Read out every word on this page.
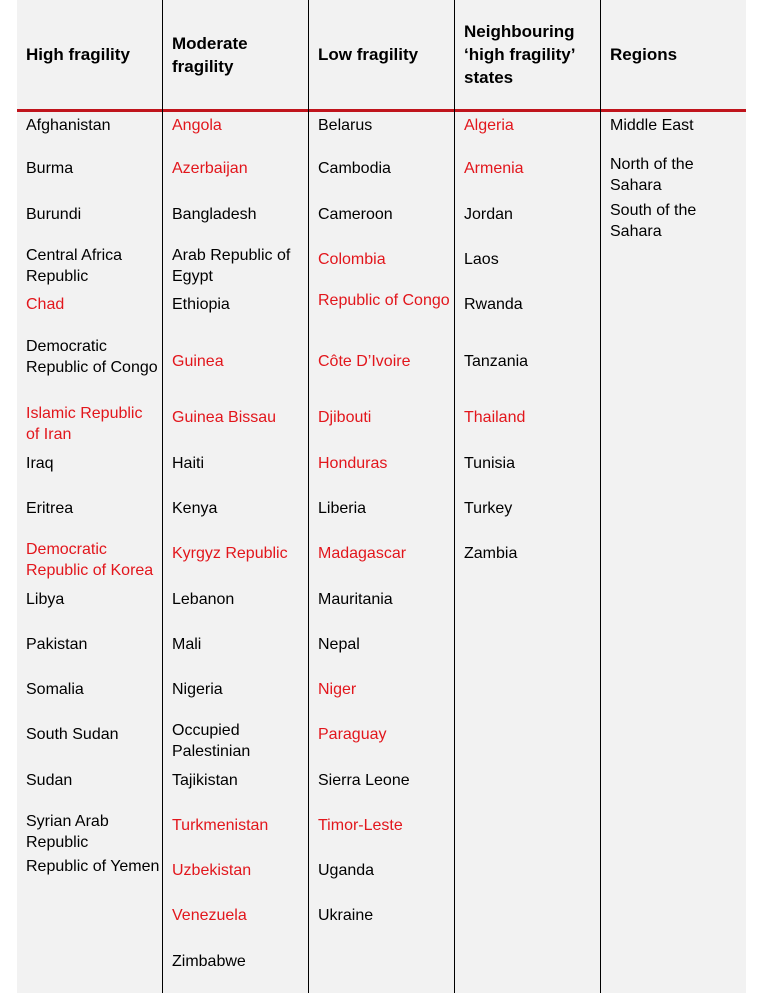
High fragility
Afghanistan
Burma
Burundi
Central Africa Republic
Chad
Democratic Republic of Congo
Islamic Republic of Iran
Iraq
Eritrea
Democratic Republic of Korea
Libya
Pakistan
Somalia
South Sudan
Sudan
Syrian Arab Republic
Republic of Yemen
Moderate fragility
Angola
Azerbaijan
Bangladesh
Arab Republic of Egypt
Ethiopia
Guinea
Guinea Bissau
Haiti
Kenya
Kyrgyz Republic
Lebanon
Mali
Nigeria
Occupied Palestinian
Tajikistan
Turkmenistan
Uzbekistan
Venezuela
Zimbabwe
Low fragility
Belarus
Cambodia
Cameroon
Colombia
Republic of Congo
Côte D’Ivoire
Djibouti
Honduras
Liberia
Madagascar
Mauritania
Nepal
Niger
Paraguay
Sierra Leone
Timor-Leste
Uganda
Ukraine
Neighbouring ‘high fragility’ states
Algeria
Armenia
Jordan
Laos
Rwanda
Tanzania
Thailand
Tunisia
Turkey
Zambia
Regions
Middle East
North of the Sahara
South of the Sahara
